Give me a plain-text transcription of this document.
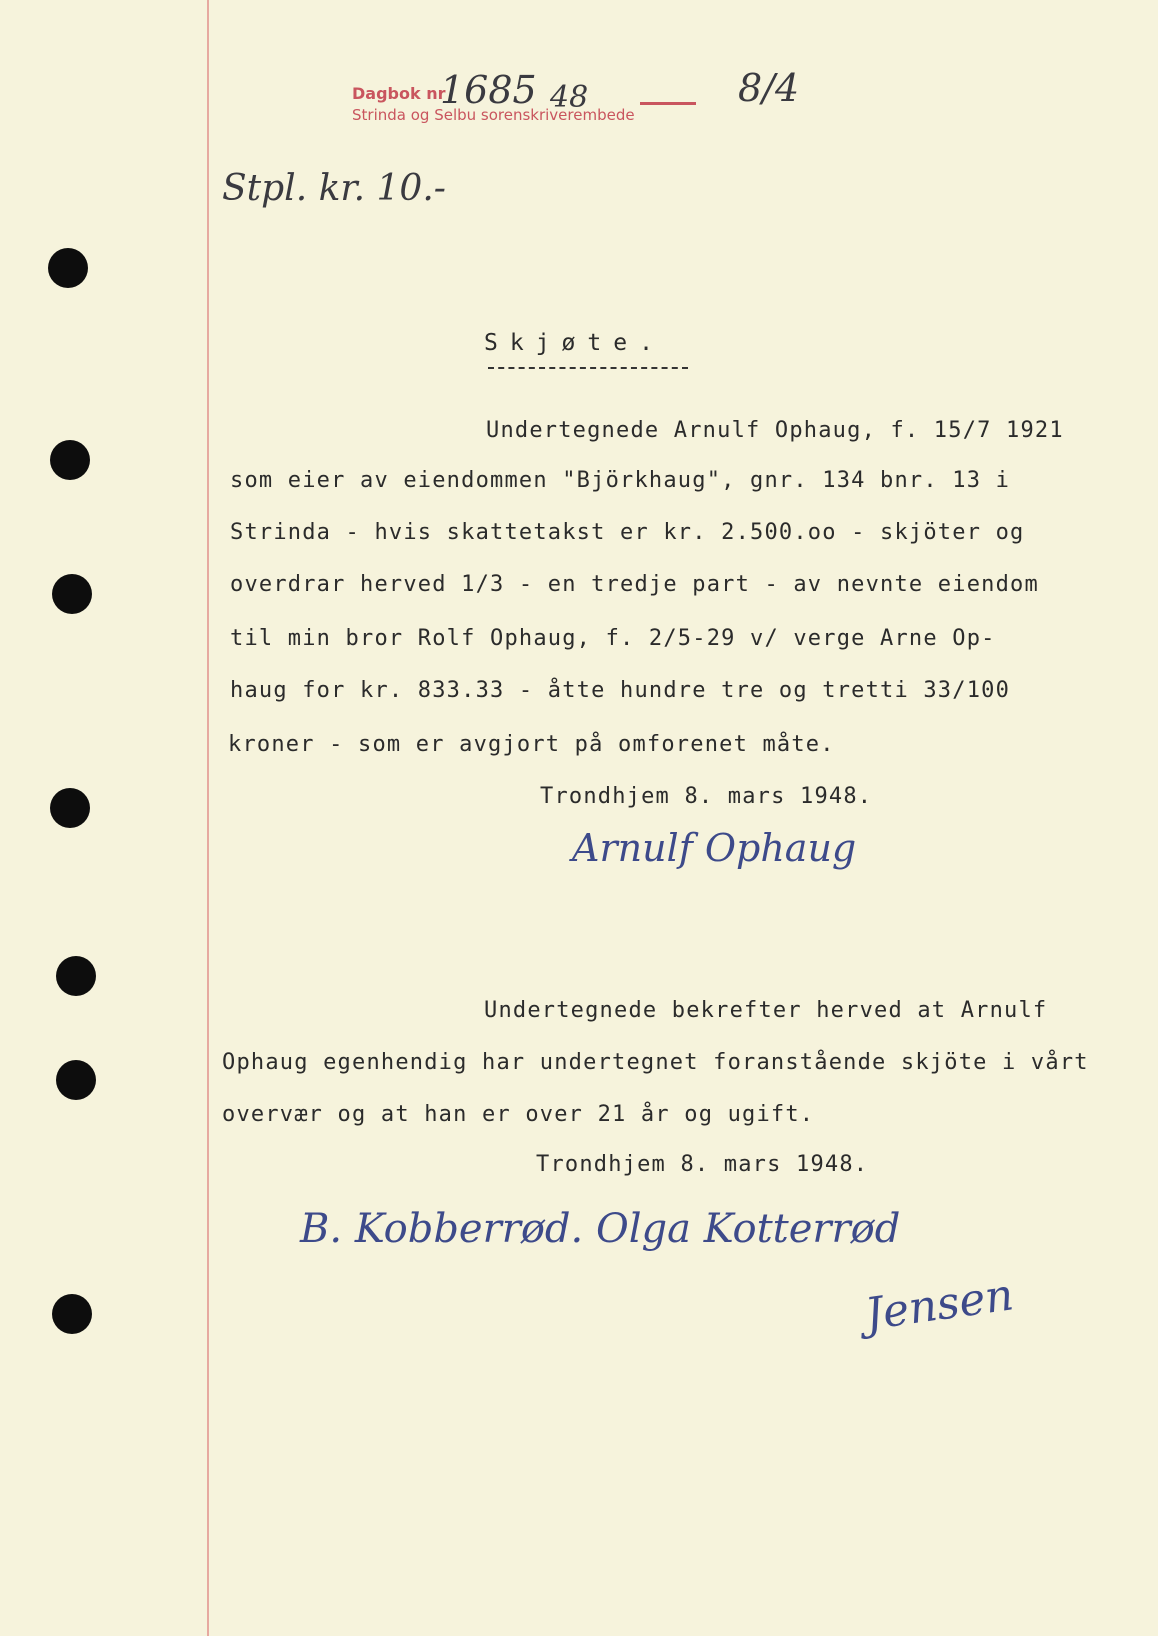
Dagbok nr
Strinda og Selbu sorenskriverembede
1685 48	8/4
Stpl. kr. 10.-
Skjøte.
Undertegnede Arnulf Ophaug, f. 15/7 1921
som eier av eiendommen "Björkhaug", gnr. 134 bnr. 13 i
Strinda - hvis skattetakst er kr. 2.500.oo - skjöter og
overdrar herved 1/3 - en tredje part - av nevnte eiendom
til min bror Rolf Ophaug, f. 2/5-29 v/ verge Arne Op-
haug for kr. 833.33 - åtte hundre tre og tretti 33/100
kroner - som er avgjort på omforenet måte.
Trondhjem 8. mars 1948.
Arnulf Ophaug
Undertegnede bekrefter herved at Arnulf
Ophaug egenhendig har undertegnet foranstående skjöte i vårt
overvær og at han er over 21 år og ugift.
Trondhjem 8. mars 1948.
B. Kobberrød. Olga Kotterrød
Jensen
